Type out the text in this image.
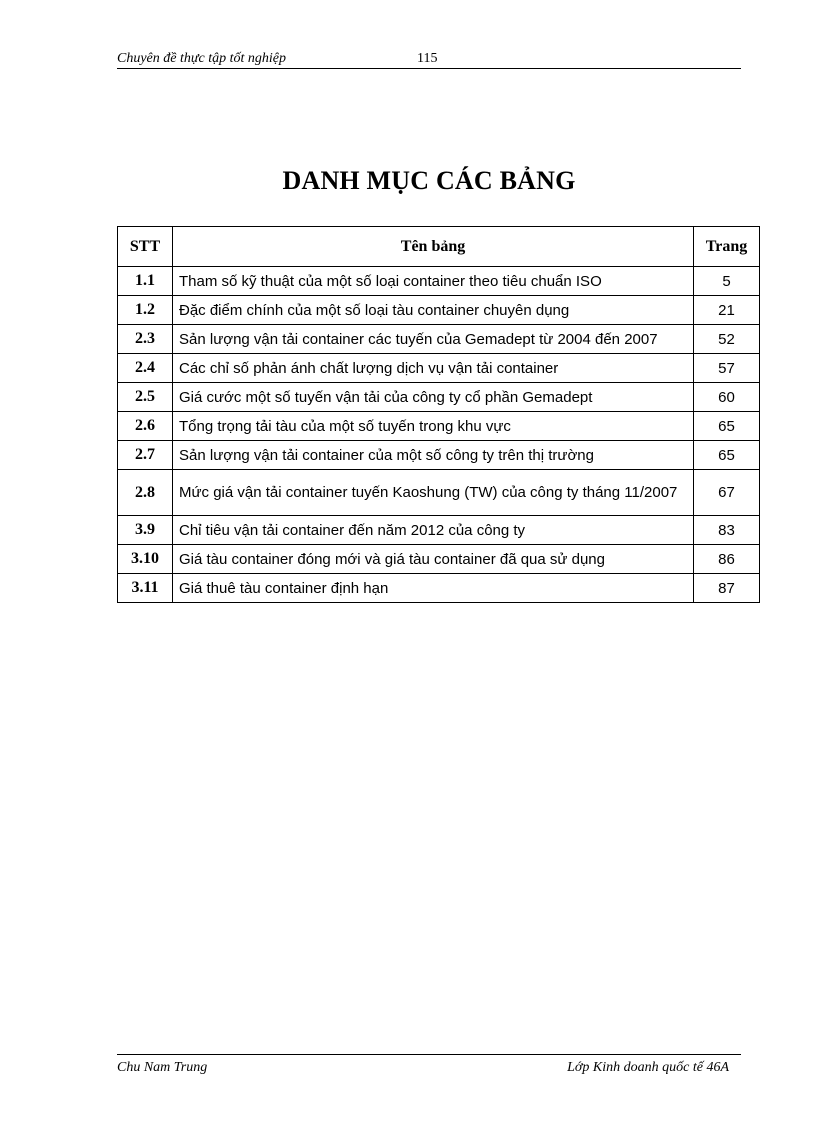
Chuyên đề thực tập tốt nghiệp	115
DANH MỤC CÁC BẢNG
STT	Tên bảng	Trang
1.1	Tham số kỹ thuật của một số loại container theo tiêu chuẩn ISO	5
1.2	Đặc điểm chính của một số loại tàu container chuyên dụng	21
2.3	Sản lượng vận tải container các tuyến của Gemadept từ 2004 đến 2007	52
2.4	Các chỉ số phản ánh chất lượng dịch vụ vận tải container	57
2.5	Giá cước một số tuyến vận tải của công ty cổ phần Gemadept	60
2.6	Tổng trọng tải tàu của một số tuyến trong khu vực	65
2.7	Sản lượng vận tải container của một số công ty trên thị trường	65
2.8	Mức giá vận tải container tuyến Kaoshung (TW) của công ty tháng 11/2007	67
3.9	Chỉ tiêu vận tải container đến năm 2012 của công ty	83
3.10	Giá tàu container đóng mới và giá tàu container đã qua sử dụng	86
3.11	Giá thuê tàu container định hạn	87
Chu Nam Trung	Lớp Kinh doanh quốc tế 46A
